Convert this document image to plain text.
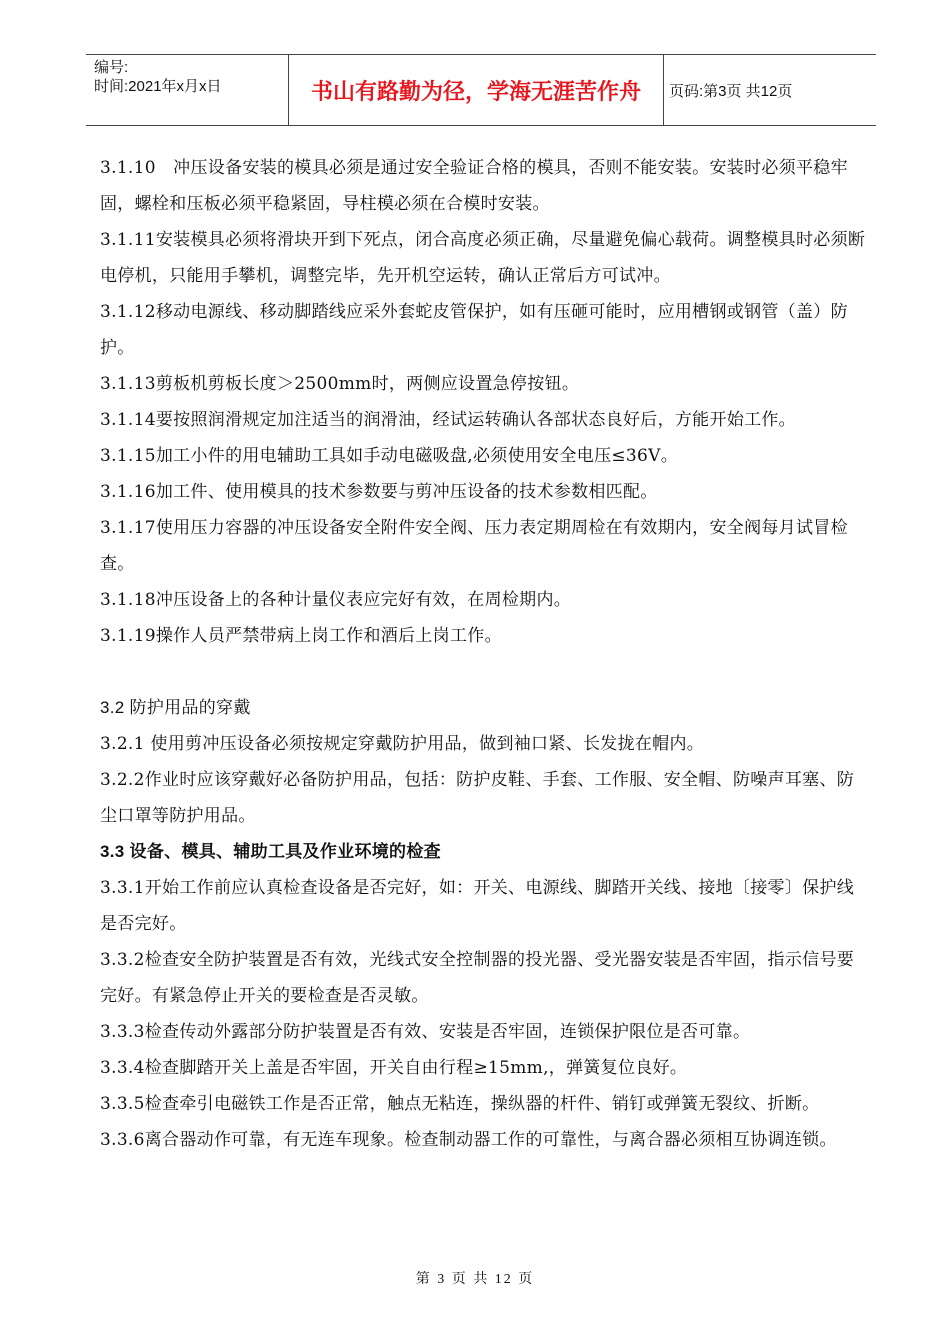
编号:
时间:2021年x月x日	书山有路勤为径，学海无涯苦作舟	页码:第3页 共12页

3.1.10　冲压设备安装的模具必须是通过安全验证合格的模具，否则不能安装。安装时必须平稳牢固，螺栓和压板必须平稳紧固，导柱模必须在合模时安装。

3.1.11安装模具必须将滑块开到下死点，闭合高度必须正确，尽量避免偏心载荷。调整模具时必须断电停机，只能用手攀机，调整完毕，先开机空运转，确认正常后方可试冲。

3.1.12移动电源线、移动脚踏线应采外套蛇皮管保护，如有压砸可能时，应用槽钢或钢管（盖）防护。

3.1.13剪板机剪板长度＞2500mm时，两侧应设置急停按钮。

3.1.14要按照润滑规定加注适当的润滑油，经试运转确认各部状态良好后，方能开始工作。

3.1.15加工小件的用电辅助工具如手动电磁吸盘,必须使用安全电压≤36V。

3.1.16加工件、使用模具的技术参数要与剪冲压设备的技术参数相匹配。

3.1.17使用压力容器的冲压设备安全附件安全阀、压力表定期周检在有效期内，安全阀每月试冒检查。

3.1.18冲压设备上的各种计量仪表应完好有效，在周检期内。

3.1.19操作人员严禁带病上岗工作和酒后上岗工作。

3.2 防护用品的穿戴

3.2.1 使用剪冲压设备必须按规定穿戴防护用品，做到袖口紧、长发拢在帽内。

3.2.2作业时应该穿戴好必备防护用品，包括：防护皮鞋、手套、工作服、安全帽、防噪声耳塞、防尘口罩等防护用品。

3.3 设备、模具、辅助工具及作业环境的检查

3.3.1开始工作前应认真检查设备是否完好，如：开关、电源线、脚踏开关线、接地〔接零〕保护线是否完好。

3.3.2检查安全防护装置是否有效，光线式安全控制器的投光器、受光器安装是否牢固，指示信号要完好。有紧急停止开关的要检查是否灵敏。

3.3.3检查传动外露部分防护装置是否有效、安装是否牢固，连锁保护限位是否可靠。

3.3.4检查脚踏开关上盖是否牢固，开关自由行程≥15mm,，弹簧复位良好。

3.3.5检查牵引电磁铁工作是否正常，触点无粘连，操纵器的杆件、销钉或弹簧无裂纹、折断。

3.3.6离合器动作可靠，有无连车现象。检查制动器工作的可靠性，与离合器必须相互协调连锁。

第 3 页 共 12 页
